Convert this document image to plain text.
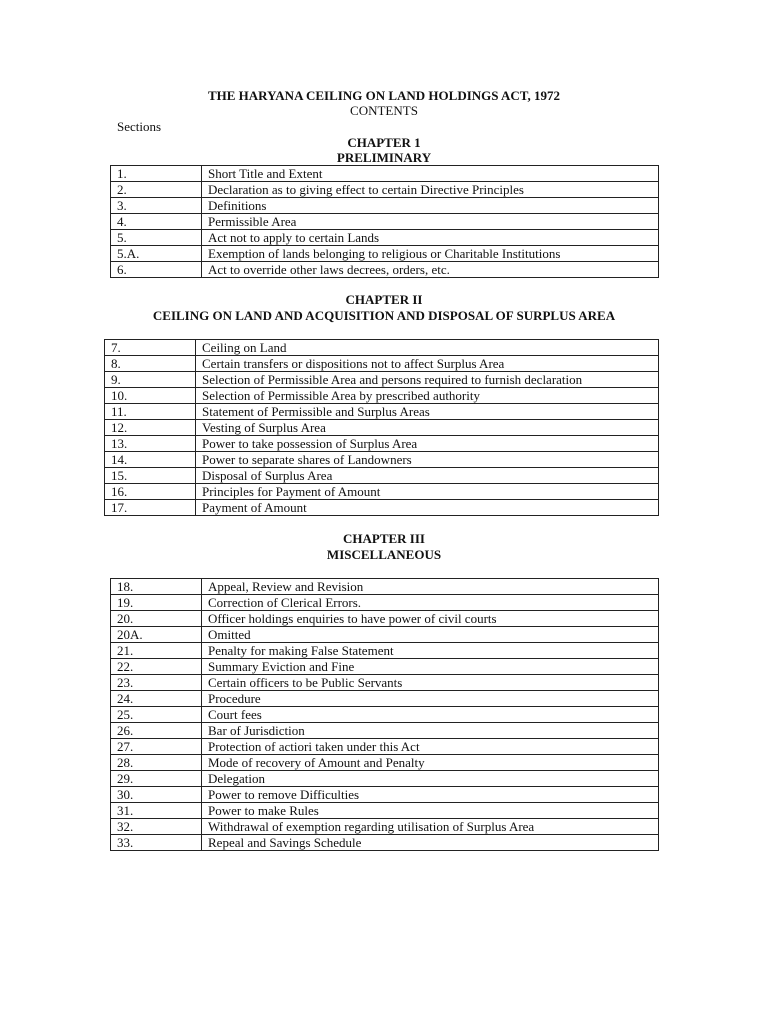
THE HARYANA CEILING ON LAND HOLDINGS ACT, 1972
CONTENTS
Sections
CHAPTER 1
PRELIMINARY
1.	Short Title and Extent
2.	Declaration as to giving effect to certain Directive Principles
3.	Definitions
4.	Permissible Area
5.	Act not to apply to certain Lands
5.A.	Exemption of lands belonging to religious or Charitable Institutions
6.	Act to override other laws decrees, orders, etc.
CHAPTER II
CEILING ON LAND AND ACQUISITION AND DISPOSAL OF SURPLUS AREA
7.	Ceiling on Land
8.	Certain transfers or dispositions not to affect Surplus Area
9.	Selection of Permissible Area and persons required to furnish declaration
10.	Selection of Permissible Area by prescribed authority
11.	Statement of Permissible and Surplus Areas
12.	Vesting of Surplus Area
13.	Power to take possession of Surplus Area
14.	Power to separate shares of Landowners
15.	Disposal of Surplus Area
16.	Principles for Payment of Amount
17.	Payment of Amount
CHAPTER III
MISCELLANEOUS
18.	Appeal, Review and Revision
19.	Correction of Clerical Errors.
20.	Officer holdings enquiries to have power of civil courts
20A.	Omitted
21.	Penalty for making False Statement
22.	Summary Eviction and Fine
23.	Certain officers to be Public Servants
24.	Procedure
25.	Court fees
26.	Bar of Jurisdiction
27.	Protection of actiori taken under this Act
28.	Mode of recovery of Amount and Penalty
29.	Delegation
30.	Power to remove Difficulties
31.	Power to make Rules
32.	Withdrawal of exemption regarding utilisation of Surplus Area
33.	Repeal and Savings Schedule
